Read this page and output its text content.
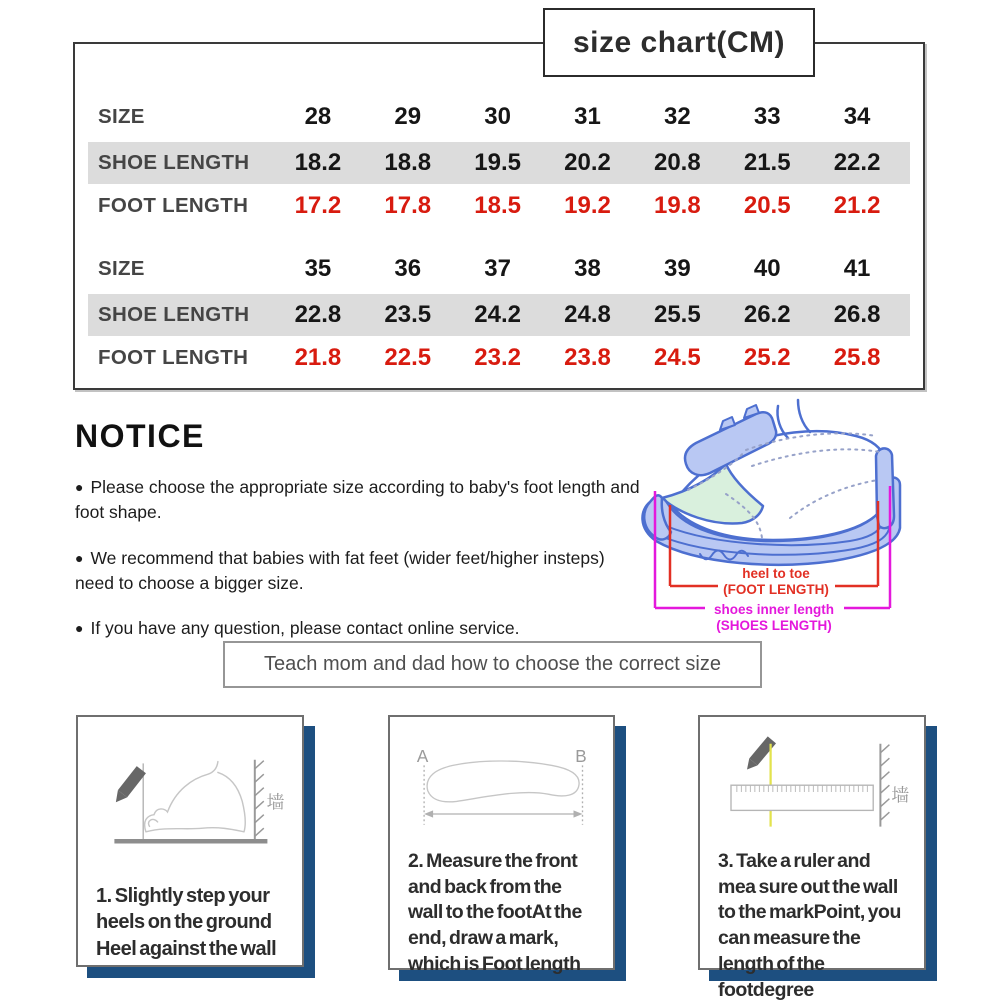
SIZE	28	29	30	31	32	33	34
SHOE LENGTH	18.2	18.8	19.5	20.2	20.8	21.5	22.2
FOOT LENGTH	17.2	17.8	18.5	19.2	19.8	20.5	21.2
SIZE	35	36	37	38	39	40	41
SHOE LENGTH	22.8	23.5	24.2	24.8	25.5	26.2	26.8
FOOT LENGTH	21.8	22.5	23.2	23.8	24.5	25.2	25.8
size chart(CM)
NOTICE

● Please choose the appropriate size according to baby's foot length and foot shape.

● We recommend that babies with fat feet (wider feet/higher insteps) need to choose a bigger size.

● If you have any question, please contact online service.

heel to toe
(FOOT LENGTH)
shoes inner length
(SHOES LENGTH)
Teach mom and dad how to choose the correct size
墙
1. Slightly step your heels on the ground Heel against the wall
A	B
2. Measure the front and back from the wall to the footAt the end, draw a mark, which is Foot length
墙
3. Take a ruler and mea sure out the wall to the markPoint, you can measure the length of the footdegree
